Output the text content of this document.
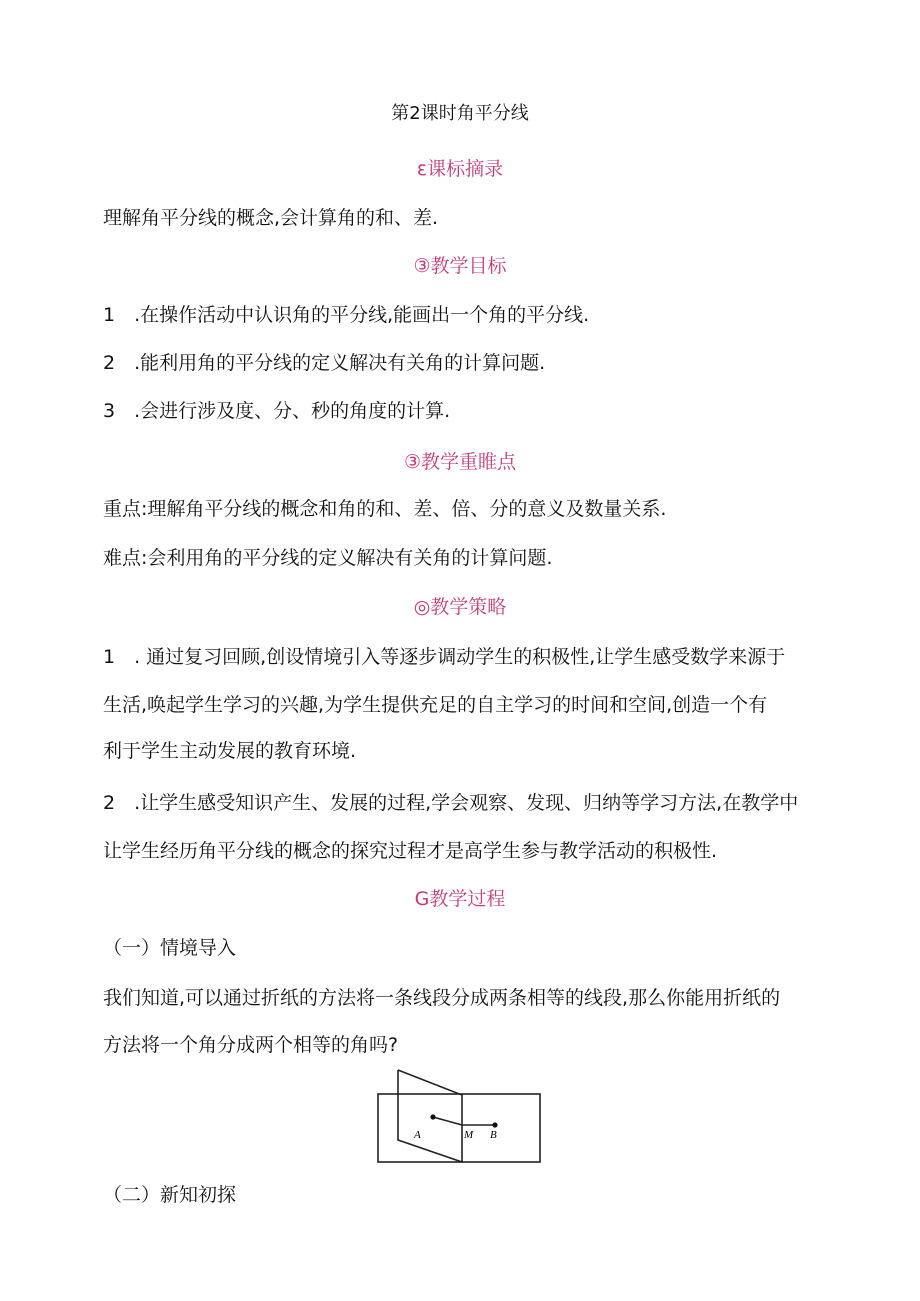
第2课时角平分线
ε课标摘录
理解角平分线的概念,会计算角的和、差.
③教学目标
1　.在操作活动中认识角的平分线,能画出一个角的平分线.
2　.能利用角的平分线的定义解决有关角的计算问题.
3　.会进行涉及度、分、秒的角度的计算.
③教学重睢点
重点:理解角平分线的概念和角的和、差、倍、分的意义及数量关系.
难点:会利用角的平分线的定义解决有关角的计算问题.
◎教学策略
1　. 通过复习回顾,创设情境引入等逐步调动学生的积极性,让学生感受数学来源于
生活,唤起学生学习的兴趣,为学生提供充足的自主学习的时间和空间,创造一个有
利于学生主动发展的教育环境.
2　.让学生感受知识产生、发展的过程,学会观察、发现、归纳等学习方法,在教学中
让学生经历角平分线的概念的探究过程才是高学生参与教学活动的积极性.
G教学过程
（一）情境导入
我们知道,可以通过折纸的方法将一条线段分成两条相等的线段,那么你能用折纸的
方法将一个角分成两个相等的角吗?
A	M B
（二）新知初探
